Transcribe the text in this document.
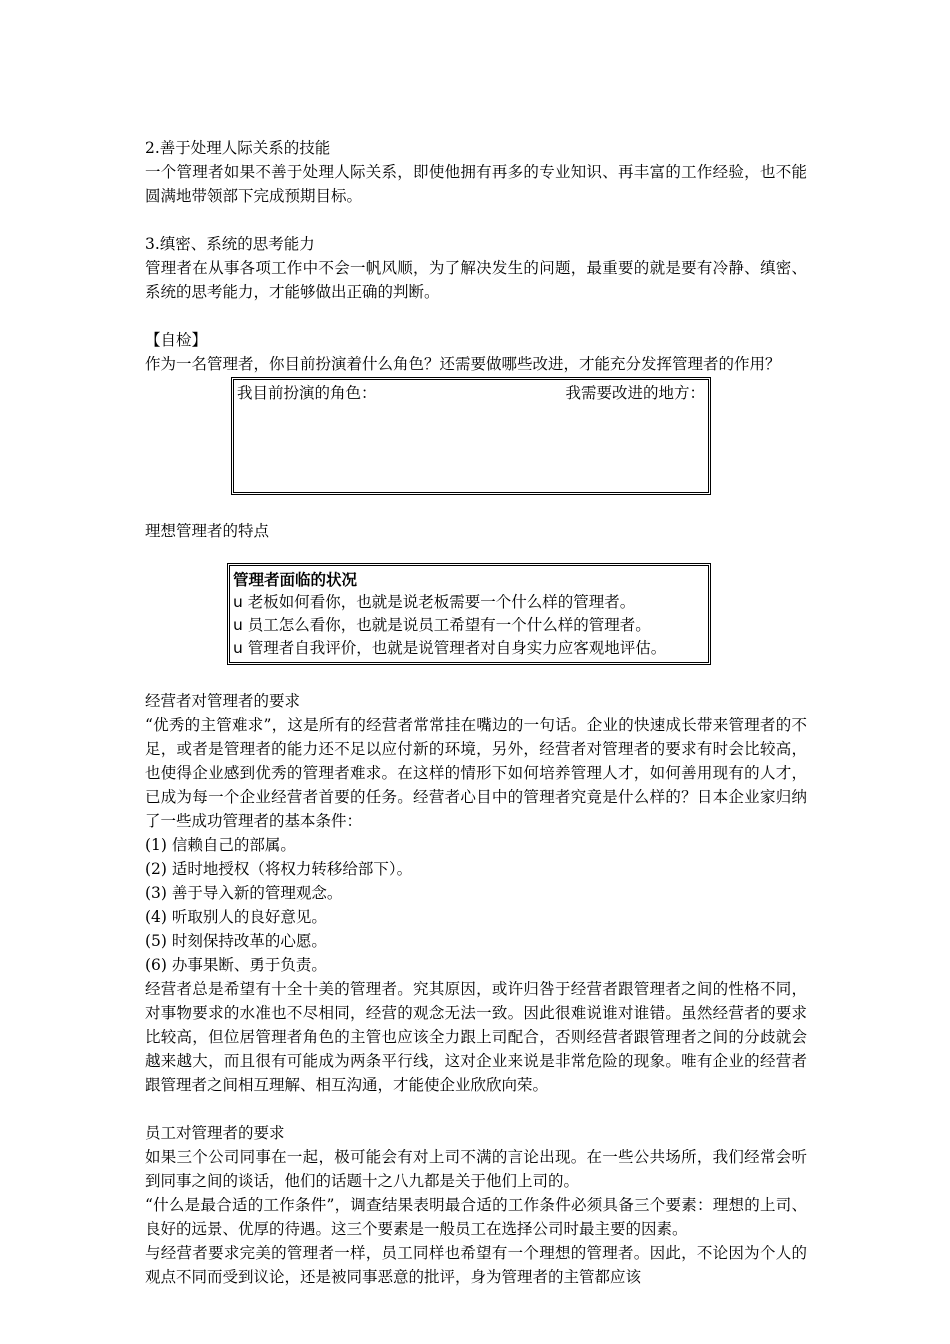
2.善于处理人际关系的技能

一个管理者如果不善于处理人际关系，即使他拥有再多的专业知识、再丰富的工作经验，也不能圆满地带领部下完成预期目标。

3.缜密、系统的思考能力

管理者在从事各项工作中不会一帆风顺，为了解决发生的问题，最重要的就是要有冷静、缜密、系统的思考能力，才能够做出正确的判断。

【自检】

作为一名管理者，你目前扮演着什么角色？还需要做哪些改进，才能充分发挥管理者的作用？

我目前扮演的角色：	我需要改进的地方：

理想管理者的特点

管理者面临的状况
u 老板如何看你，也就是说老板需要一个什么样的管理者。
u 员工怎么看你，也就是说员工希望有一个什么样的管理者。
u 管理者自我评价，也就是说管理者对自身实力应客观地评估。

经营者对管理者的要求

“优秀的主管难求”，这是所有的经营者常常挂在嘴边的一句话。企业的快速成长带来管理者的不足，或者是管理者的能力还不足以应付新的环境，另外，经营者对管理者的要求有时会比较高，也使得企业感到优秀的管理者难求。在这样的情形下如何培养管理人才，如何善用现有的人才，已成为每一个企业经营者首要的任务。经营者心目中的管理者究竟是什么样的？日本企业家归纳了一些成功管理者的基本条件：

(1) 信赖自己的部属。

(2) 适时地授权（将权力转移给部下）。

(3) 善于导入新的管理观念。

(4) 听取别人的良好意见。

(5) 时刻保持改革的心愿。

(6) 办事果断、勇于负责。

经营者总是希望有十全十美的管理者。究其原因，或许归咎于经营者跟管理者之间的性格不同，对事物要求的水准也不尽相同，经营的观念无法一致。因此很难说谁对谁错。虽然经营者的要求比较高，但位居管理者角色的主管也应该全力跟上司配合，否则经营者跟管理者之间的分歧就会越来越大，而且很有可能成为两条平行线，这对企业来说是非常危险的现象。唯有企业的经营者跟管理者之间相互理解、相互沟通，才能使企业欣欣向荣。

员工对管理者的要求

如果三个公司同事在一起，极可能会有对上司不满的言论出现。在一些公共场所，我们经常会听到同事之间的谈话，他们的话题十之八九都是关于他们上司的。

“什么是最合适的工作条件”，调查结果表明最合适的工作条件必须具备三个要素：理想的上司、良好的远景、优厚的待遇。这三个要素是一般员工在选择公司时最主要的因素。

与经营者要求完美的管理者一样，员工同样也希望有一个理想的管理者。因此，不论因为个人的观点不同而受到议论，还是被同事恶意的批评，身为管理者的主管都应该
